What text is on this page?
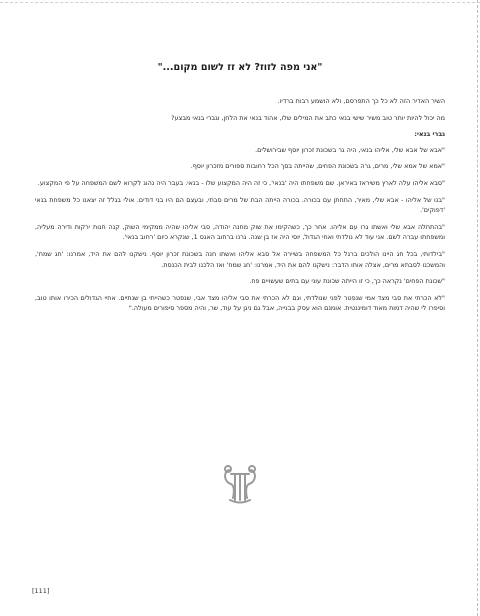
"אני מפה לזוז? לא זז לשום מקום..."

השיר האדיר הזה לא כל כך התפרסם, ולא הושמע רבות ברדיו.

מה יכול להיות יותר טוב משיר שישי בנאי כתב את המילים שלו, אהוד בנאי את הלחן, וגברי בנאי מבצע?

גברי בנאי:

"אבא של אבא שלי, אליהו בנאי, היה גר בשכונת זכרון יוסף שבירושלים.

"אמא של אמא שלי, מרים, גרה בשכונת הפחים, שהייתה בסך הכל רחובות ספורים מזכרון יוסף.

"סבא אליהו עלה לארץ משיראז באיראן. שם משפחתו היה 'בנאי', כי זה היה המקצוע שלו - בנאי. בעבר היה נהוג לקרוא לשם המשפחה על פי המקצוע.

"בנו של אליהו - אבא שלי, מאיר, התחתן עם בכורה. בכורה הייתה הבת של מרים סבתי, ובעצם הם היו בני דודים. אולי בגלל זה יצאנו כל משפחת בנאי 'דפוקים'.

"בהתחלה אבא שלי ואשתו גרו עם אליהו. אחר כך, כשהקימו את שוק מחנה יהודה, סבי אליהו שהיה ממקימי השוק, קנה חנות ירקות ודירה מעליה, ומשפחתו עברה לשם. אני עוד לא נולדתי ואחי הגדול, יוסי היה אז בן שנה. גרנו ברחוב האגס 1, שנקרא כיום 'רחוב בנאי'.

"בילדותי, בכל חג היינו הולכים ברגל כל המשפחה בשיירה אל סבא אליהו ואשתו חנה בשכונת זכרון יוסף. נישקנו להם את היד, אמרנו: 'חג שמח', והמשכנו לסבתא מרים, אצלה אותו הדבר: נישקנו להם את היד, אמרנו: 'חג שמח' ואז הלכנו לבית הכנסת.

"שכונת הפחים' נקראה כך, כי זו הייתה שכונת עוני עם בתים שעשויים פח.

"לא הכרתי את סבי מצד אמי שנפטר לפני שנולדתי, וגם לא הכרתי את סבי אליהו מצד אבי, שנפטר כשהייתי בן שנתיים. אחיי הגדולים הכירו אותו טוב, וסיפרו לי שהיה דמות מאוד דומיננטית. אומנם הוא עסק בבנייה, אבל גם ניגן על עוד, שר, והיה מספר סיפורים מעולה."

[111]
